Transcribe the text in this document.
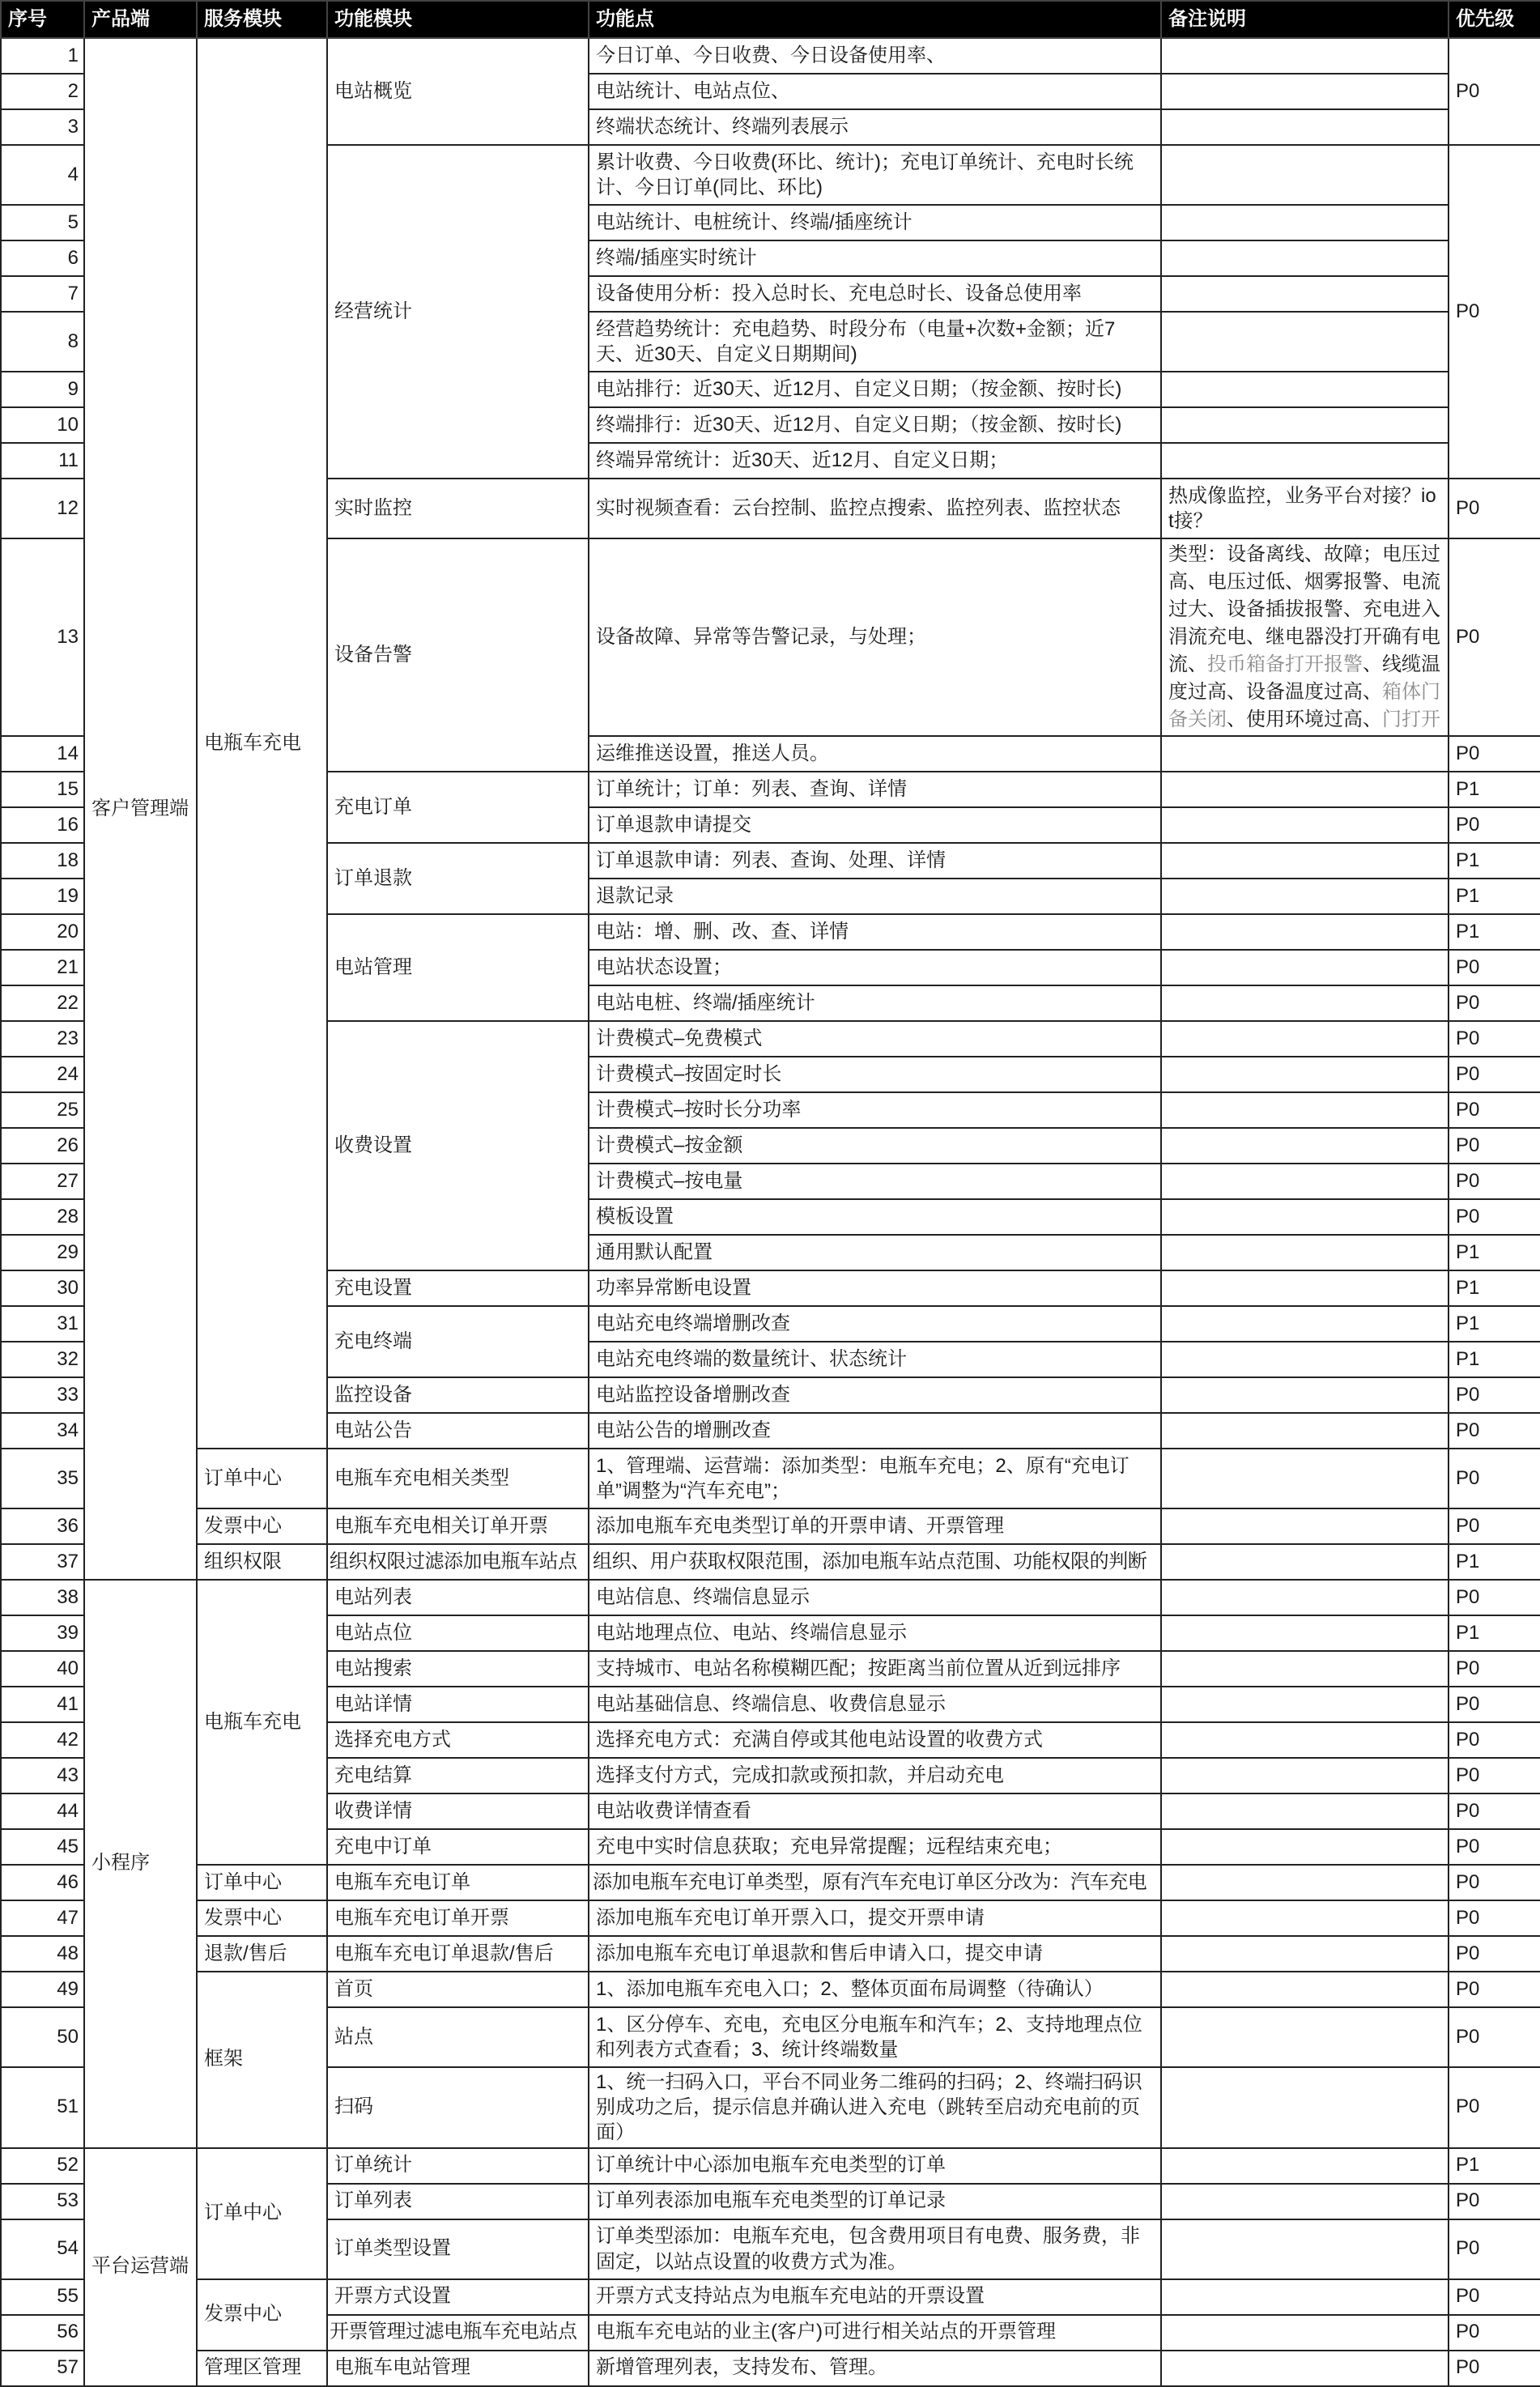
序号	产品端	服务模块	功能模块	功能点	备注说明	优先级
1	客户管理端	电瓶车充电	电站概览	今日订单、今日收费、今日设备使用率、		P0
2				电站统计、电站点位、		
3				终端状态统计、终端列表展示		
4			经营统计	累计收费、今日收费(环比、统计)；充电订单统计、充电时长统计、今日订单(同比、环比)		P0
5				电站统计、电桩统计、终端/插座统计		
6				终端/插座实时统计		
7				设备使用分析：投入总时长、充电总时长、设备总使用率		
8				经营趋势统计：充电趋势、时段分布（电量+次数+金额；近7天、近30天、自定义日期期间)		
9				电站排行：近30天、近12月、自定义日期；（按金额、按时长)		
10				终端排行：近30天、近12月、自定义日期；（按金额、按时长)		
11				终端异常统计：近30天、近12月、自定义日期；		
12			实时监控	实时视频查看：云台控制、监控点搜索、监控列表、监控状态	热成像监控，业务平台对接？iot接？	P0
13			设备告警	设备故障、异常等告警记录，与处理；	类型：设备离线、故障；电压过高、电压过低、烟雾报警、电流过大、设备插拔报警、充电进入涓流充电、继电器没打开确有电流、投币箱备打开报警、线缆温度过高、设备温度过高、箱体门备关闭、使用环境过高、门打开	P0
14				运维推送设置，推送人员。		P0
15			充电订单	订单统计；订单：列表、查询、详情		P1
16				订单退款申请提交		P0
18			订单退款	订单退款申请：列表、查询、处理、详情		P1
19				退款记录		P1
20			电站管理	电站：增、删、改、查、详情		P1
21				电站状态设置；		P0
22				电站电桩、终端/插座统计		P0
23			收费设置	计费模式–免费模式		P0
24				计费模式–按固定时长		P0
25				计费模式–按时长分功率		P0
26				计费模式–按金额		P0
27				计费模式–按电量		P0
28				模板设置		P0
29				通用默认配置		P1
30			充电设置	功率异常断电设置		P1
31			充电终端	电站充电终端增删改查		P1
32				电站充电终端的数量统计、状态统计		P1
33			监控设备	电站监控设备增删改查		P0
34			电站公告	电站公告的增删改查		P0
35		订单中心	电瓶车充电相关类型	1、管理端、运营端：添加类型：电瓶车充电；2、原有“充电订单”调整为“汽车充电”；		P0
36		发票中心	电瓶车充电相关订单开票	添加电瓶车充电类型订单的开票申请、开票管理		P0
37		组织权限	组织权限过滤添加电瓶车站点	组织、用户获取权限范围，添加电瓶车站点范围、功能权限的判断		P1
38	小程序	电瓶车充电	电站列表	电站信息、终端信息显示		P0
39			电站点位	电站地理点位、电站、终端信息显示		P1
40			电站搜索	支持城市、电站名称模糊匹配；按距离当前位置从近到远排序		P0
41			电站详情	电站基础信息、终端信息、收费信息显示		P0
42			选择充电方式	选择充电方式：充满自停或其他电站设置的收费方式		P0
43			充电结算	选择支付方式，完成扣款或预扣款，并启动充电		P0
44			收费详情	电站收费详情查看		P0
45			充电中订单	充电中实时信息获取；充电异常提醒；远程结束充电；		P0
46		订单中心	电瓶车充电订单	添加电瓶车充电订单类型，原有汽车充电订单区分改为：汽车充电		P0
47		发票中心	电瓶车充电订单开票	添加电瓶车充电订单开票入口，提交开票申请		P0
48		退款/售后	电瓶车充电订单退款/售后	添加电瓶车充电订单退款和售后申请入口，提交申请		P0
49		框架	首页	1、添加电瓶车充电入口；2、整体页面布局调整（待确认）		P0
50			站点	1、区分停车、充电，充电区分电瓶车和汽车；2、支持地理点位和列表方式查看；3、统计终端数量		P0
51			扫码	1、统一扫码入口，平台不同业务二维码的扫码；2、终端扫码识别成功之后，提示信息并确认进入充电（跳转至启动充电前的页面）		P0
52	平台运营端	订单中心	订单统计	订单统计中心添加电瓶车充电类型的订单		P1
53			订单列表	订单列表添加电瓶车充电类型的订单记录		P0
54			订单类型设置	订单类型添加：电瓶车充电，包含费用项目有电费、服务费，非固定，以站点设置的收费方式为准。		P0
55		发票中心	开票方式设置	开票方式支持站点为电瓶车充电站的开票设置		P0
56			开票管理过滤电瓶车充电站点	电瓶车充电站的业主(客户)可进行相关站点的开票管理		P0
57		管理区管理	电瓶车电站管理	新增管理列表，支持发布、管理。		P0
